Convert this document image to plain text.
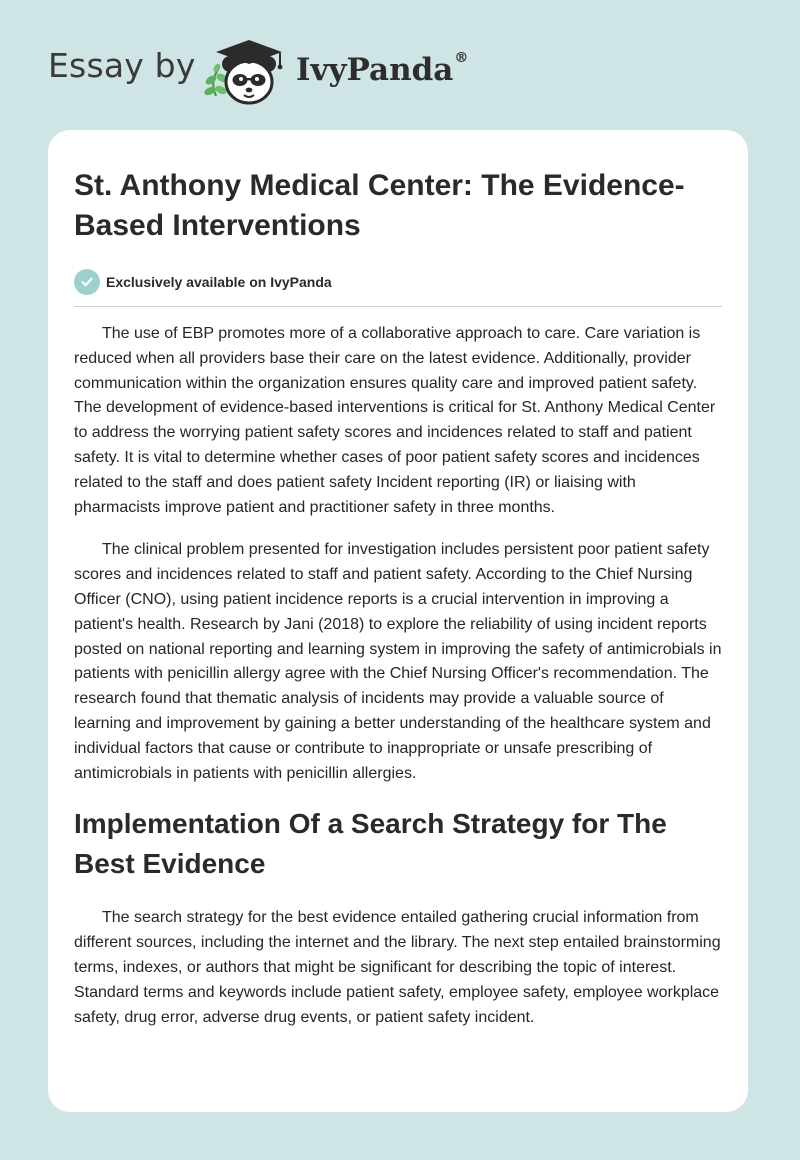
Essay by	IvyPanda®
St. Anthony Medical Center: The Evidence-Based Interventions
Exclusively available on IvyPanda

The use of EBP promotes more of a collaborative approach to care. Care variation is reduced when all providers base their care on the latest evidence. Additionally, provider communication within the organization ensures quality care and improved patient safety. The development of evidence-based interventions is critical for St. Anthony Medical Center to address the worrying patient safety scores and incidences related to staff and patient safety. It is vital to determine whether cases of poor patient safety scores and incidences related to the staff and does patient safety Incident reporting (IR) or liaising with pharmacists improve patient and practitioner safety in three months.

The clinical problem presented for investigation includes persistent poor patient safety scores and incidences related to staff and patient safety. According to the Chief Nursing Officer (CNO), using patient incidence reports is a crucial intervention in improving a patient's health. Research by Jani (2018) to explore the reliability of using incident reports posted on national reporting and learning system in improving the safety of antimicrobials in patients with penicillin allergy agree with the Chief Nursing Officer's recommendation. The research found that thematic analysis of incidents may provide a valuable source of learning and improvement by gaining a better understanding of the healthcare system and individual factors that cause or contribute to inappropriate or unsafe prescribing of antimicrobials in patients with penicillin allergies.

Implementation Of a Search Strategy for The Best Evidence

The search strategy for the best evidence entailed gathering crucial information from different sources, including the internet and the library. The next step entailed brainstorming terms, indexes, or authors that might be significant for describing the topic of interest. Standard terms and keywords include patient safety, employee safety, employee workplace safety, drug error, adverse drug events, or patient safety incident.
